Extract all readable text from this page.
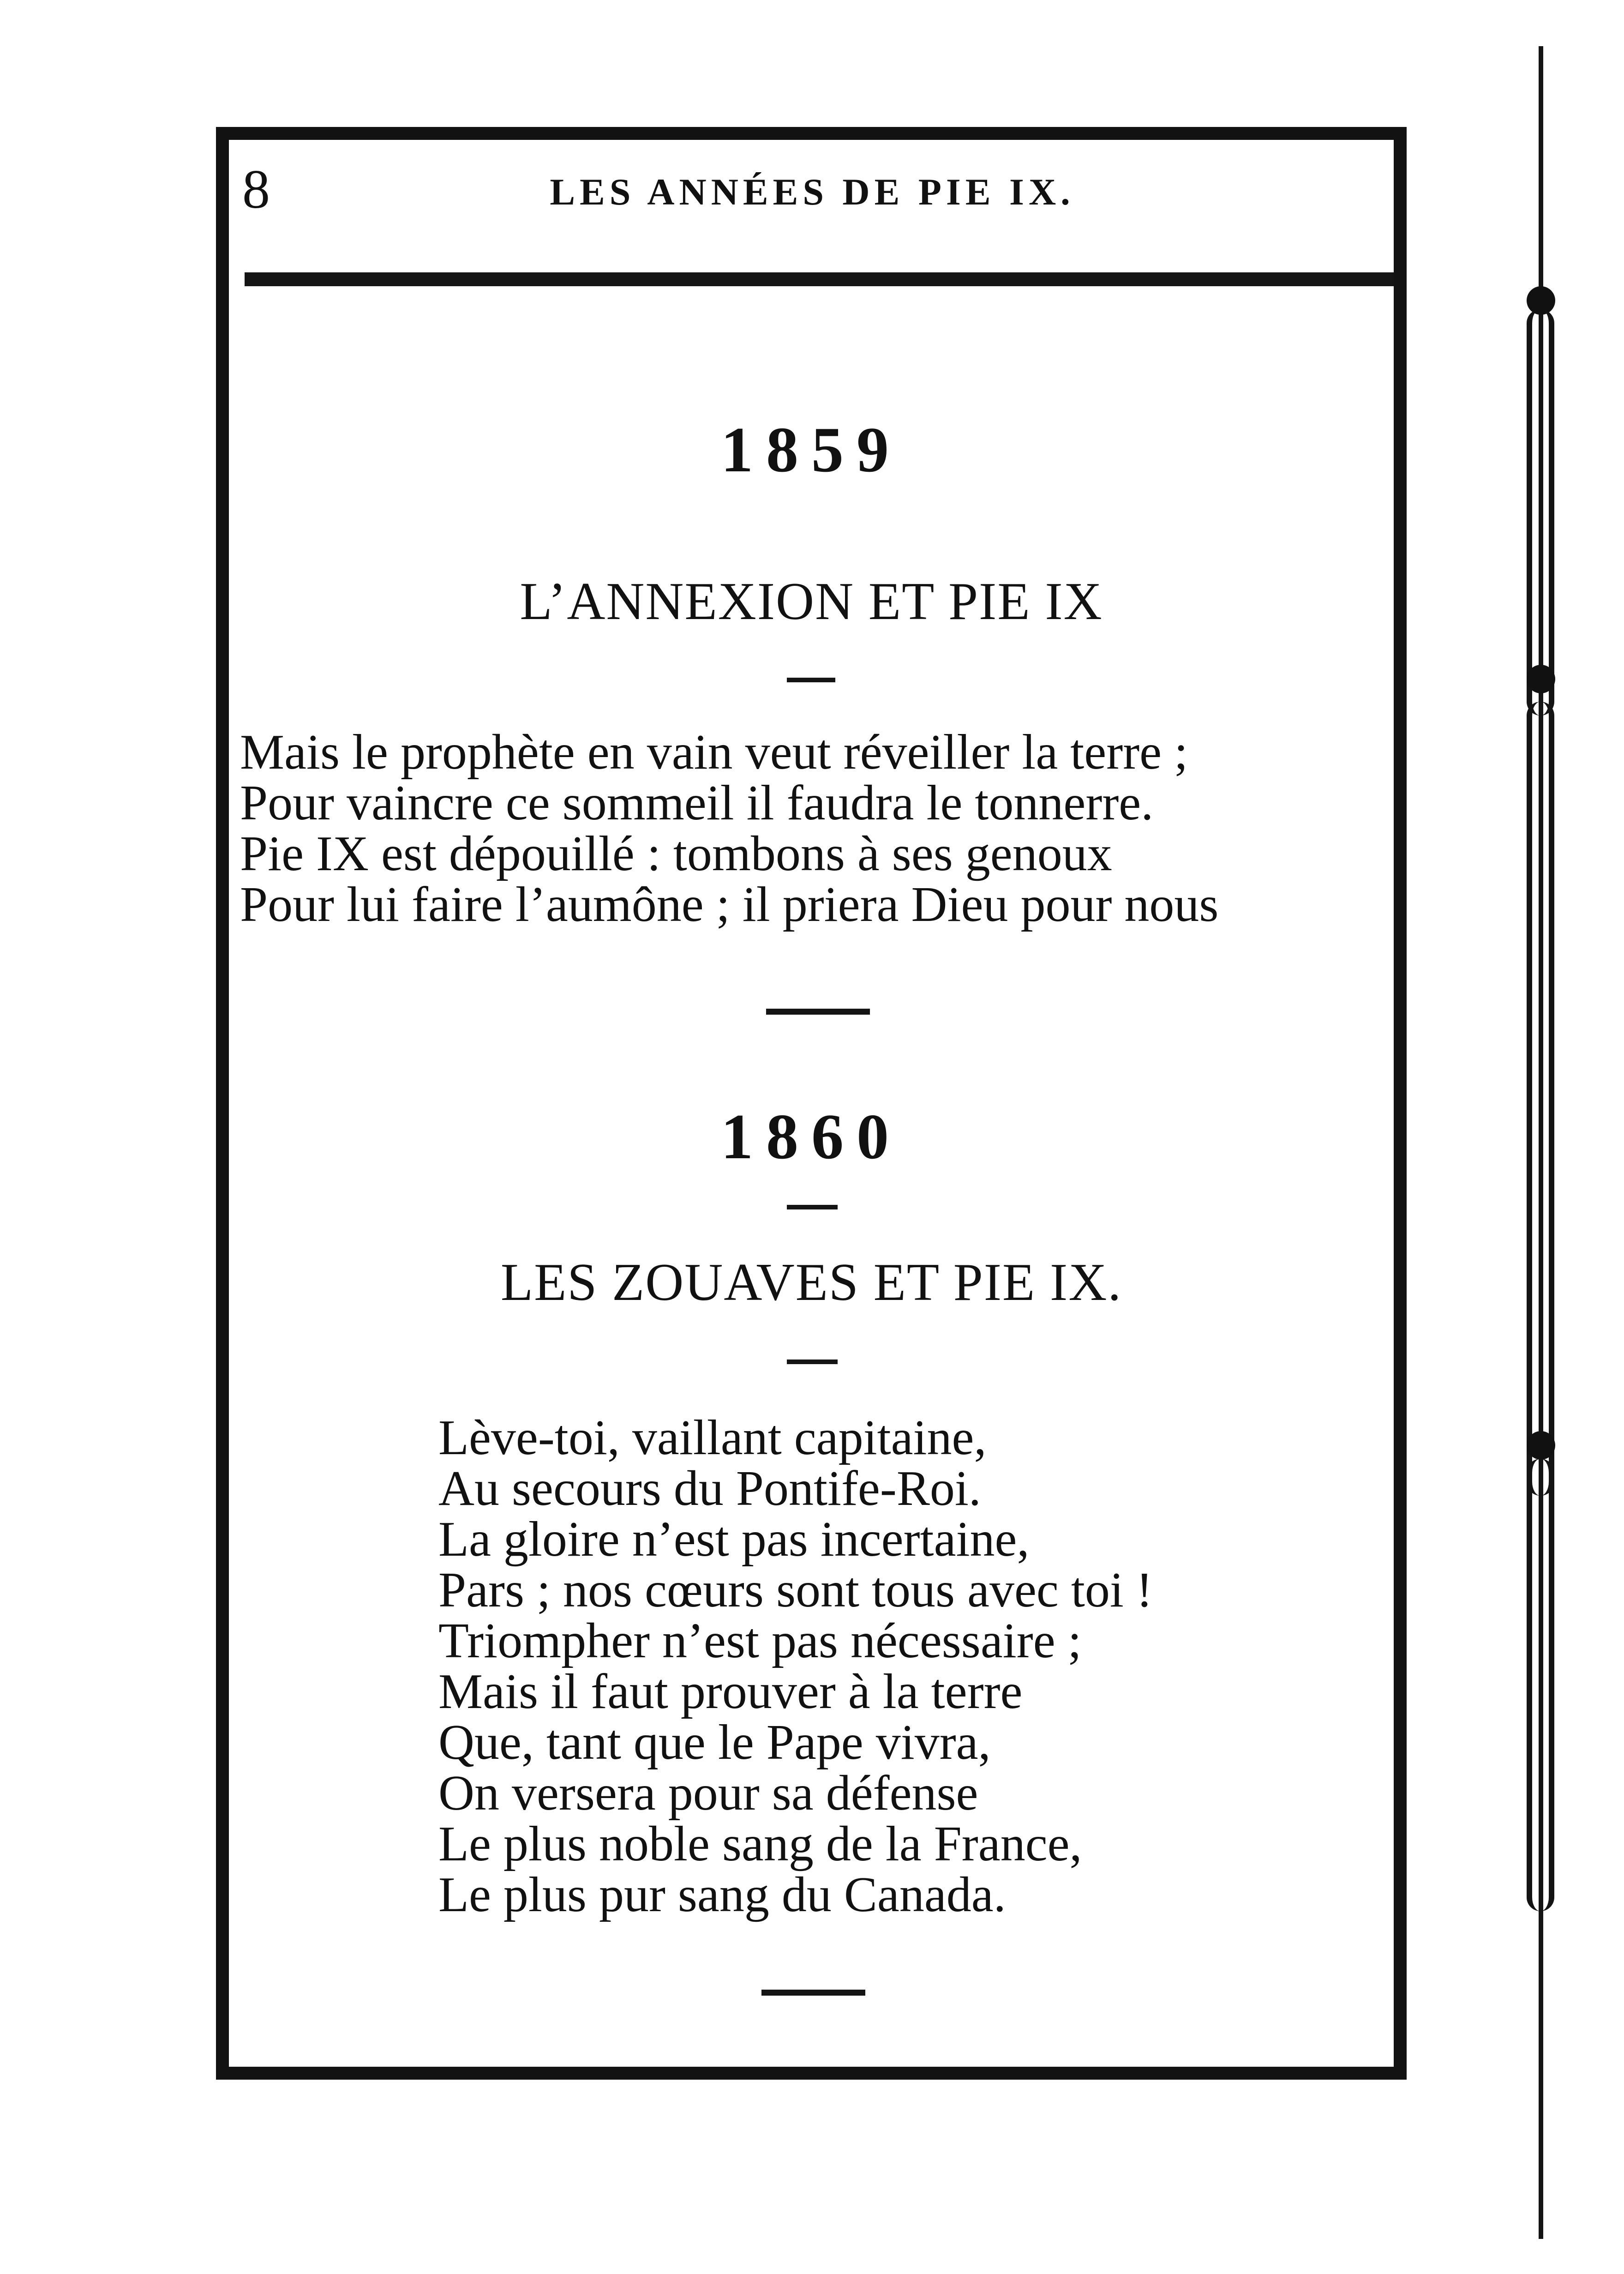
8	LES ANNÉES DE PIE IX.
1859
L’ANNEXION ET PIE IX
Mais le prophète en vain veut réveiller la terre ;
Pour vaincre ce sommeil il faudra le tonnerre.
Pie IX est dépouillé : tombons à ses genoux
Pour lui faire l’aumône ; il priera Dieu pour nous
1860
LES ZOUAVES ET PIE IX.
Lève-toi, vaillant capitaine,
Au secours du Pontife-Roi.
La gloire n’est pas incertaine,
Pars ; nos cœurs sont tous avec toi !
Triompher n’est pas nécessaire ;
Mais il faut prouver à la terre
Que, tant que le Pape vivra,
On versera pour sa défense
Le plus noble sang de la France,
Le plus pur sang du Canada.
